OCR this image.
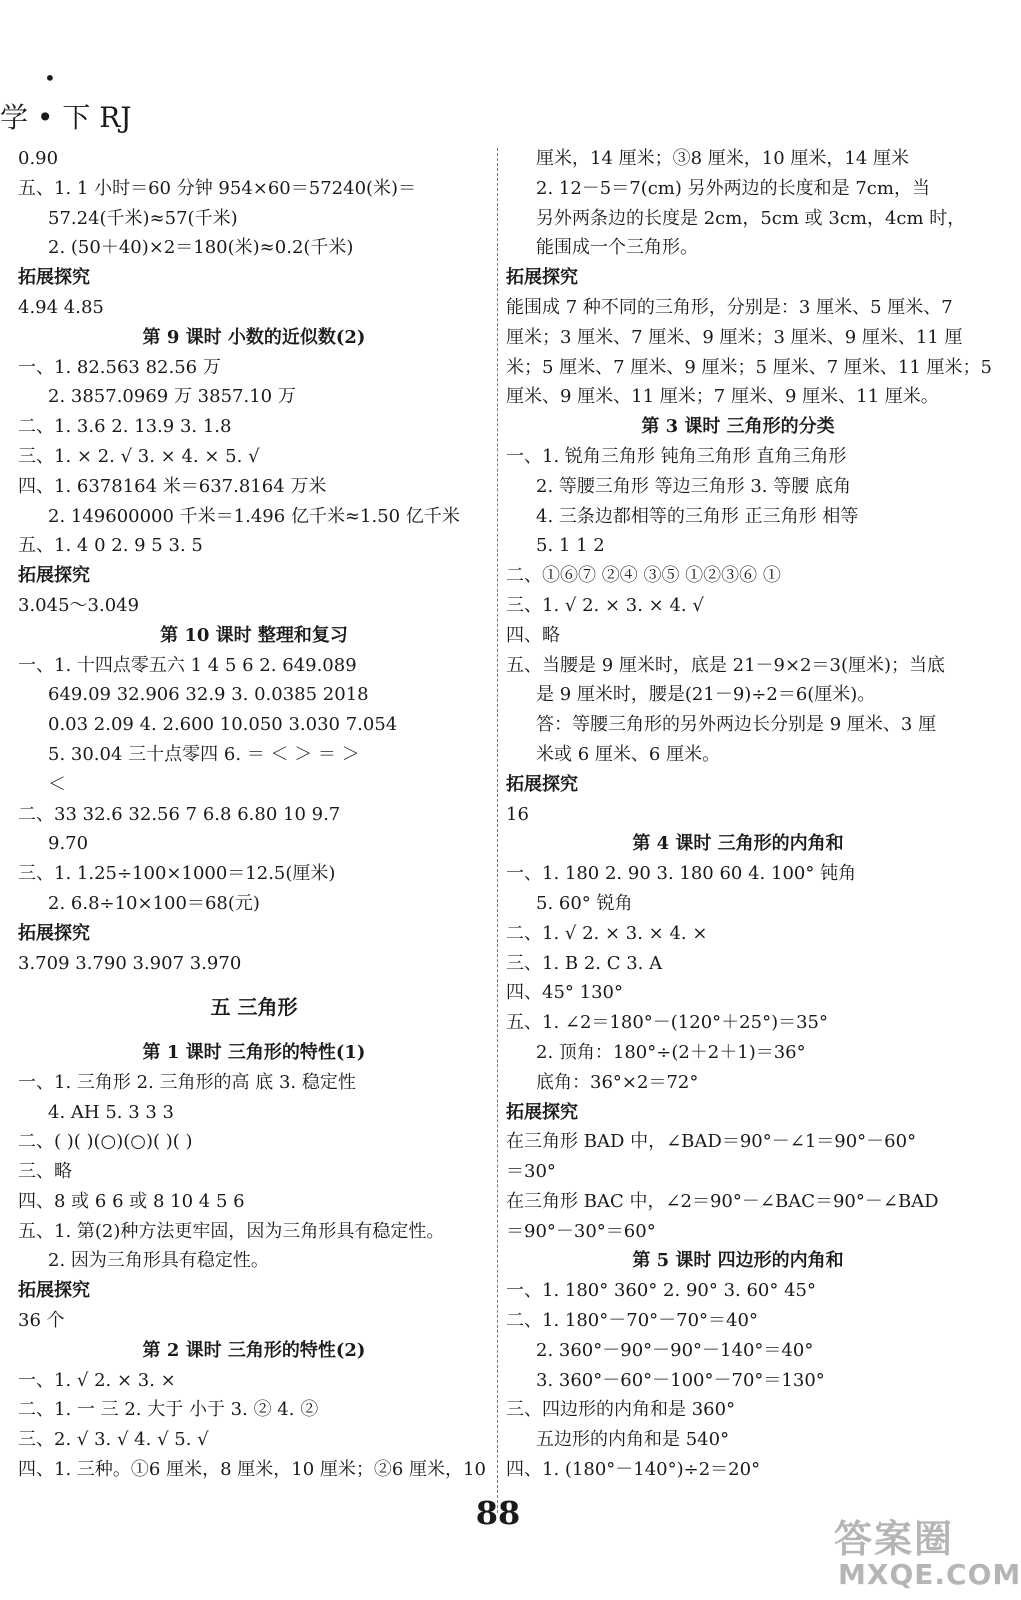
•
学 • 下 RJ
0.90
五、1. 1 小时＝60 分钟 954×60＝57240(米)＝
57.24(千米)≈57(千米)
2. (50＋40)×2＝180(米)≈0.2(千米)
拓展探究
4.94 4.85
第 9 课时 小数的近似数(2)
一、1. 82.563 82.56 万
2. 3857.0969 万 3857.10 万
二、1. 3.6 2. 13.9 3. 1.8
三、1. × 2. √ 3. × 4. × 5. √
四、1. 6378164 米＝637.8164 万米
2. 149600000 千米＝1.496 亿千米≈1.50 亿千米
五、1. 4 0 2. 9 5 3. 5
拓展探究
3.045～3.049
第 10 课时 整理和复习
一、1. 十四点零五六 1 4 5 6 2. 649.089
649.09 32.906 32.9 3. 0.0385 2018
0.03 2.09 4. 2.600 10.050 3.030 7.054
5. 30.04 三十点零四 6. ＝ ＜ ＞ ＝ ＞
＜
二、33 32.6 32.56 7 6.8 6.80 10 9.7
9.70
三、1. 1.25÷100×1000＝12.5(厘米)
2. 6.8÷10×100＝68(元)
拓展探究
3.709 3.790 3.907 3.970
五 三角形
第 1 课时 三角形的特性(1)
一、1. 三角形 2. 三角形的高 底 3. 稳定性
4. AH 5. 3 3 3
二、( )( )(○)(○)( )( )
三、略
四、8 或 6 6 或 8 10 4 5 6
五、1. 第(2)种方法更牢固，因为三角形具有稳定性。
2. 因为三角形具有稳定性。
拓展探究
36 个
第 2 课时 三角形的特性(2)
一、1. √ 2. × 3. ×
二、1. 一 三 2. 大于 小于 3. ② 4. ②
三、2. √ 3. √ 4. √ 5. √
四、1. 三种。①6 厘米，8 厘米，10 厘米；②6 厘米，10
厘米，14 厘米；③8 厘米，10 厘米，14 厘米
2. 12－5＝7(cm) 另外两边的长度和是 7cm，当
另外两条边的长度是 2cm，5cm 或 3cm，4cm 时，
能围成一个三角形。
拓展探究
能围成 7 种不同的三角形，分别是：3 厘米、5 厘米、7
厘米；3 厘米、7 厘米、9 厘米；3 厘米、9 厘米、11 厘
米；5 厘米、7 厘米、9 厘米；5 厘米、7 厘米、11 厘米；5
厘米、9 厘米、11 厘米；7 厘米、9 厘米、11 厘米。
第 3 课时 三角形的分类
一、1. 锐角三角形 钝角三角形 直角三角形
2. 等腰三角形 等边三角形 3. 等腰 底角
4. 三条边都相等的三角形 正三角形 相等
5. 1 1 2
二、①⑥⑦ ②④ ③⑤ ①②③⑥ ①
三、1. √ 2. × 3. × 4. √
四、略
五、当腰是 9 厘米时，底是 21－9×2＝3(厘米)；当底
是 9 厘米时，腰是(21－9)÷2＝6(厘米)。
答：等腰三角形的另外两边长分别是 9 厘米、3 厘
米或 6 厘米、6 厘米。
拓展探究
16
第 4 课时 三角形的内角和
一、1. 180 2. 90 3. 180 60 4. 100° 钝角
5. 60° 锐角
二、1. √ 2. × 3. × 4. ×
三、1. B 2. C 3. A
四、45° 130°
五、1. ∠2＝180°－(120°＋25°)＝35°
2. 顶角：180°÷(2＋2＋1)＝36°
底角：36°×2＝72°
拓展探究
在三角形 BAD 中，∠BAD＝90°－∠1＝90°－60°
＝30°
在三角形 BAC 中，∠2＝90°－∠BAC＝90°－∠BAD
＝90°－30°＝60°
第 5 课时 四边形的内角和
一、1. 180° 360° 2. 90° 3. 60° 45°
二、1. 180°－70°－70°＝40°
2. 360°－90°－90°－140°＝40°
3. 360°－60°－100°－70°＝130°
三、四边形的内角和是 360°
五边形的内角和是 540°
四、1. (180°－140°)÷2＝20°
88
答案圈
MXQE.COM
